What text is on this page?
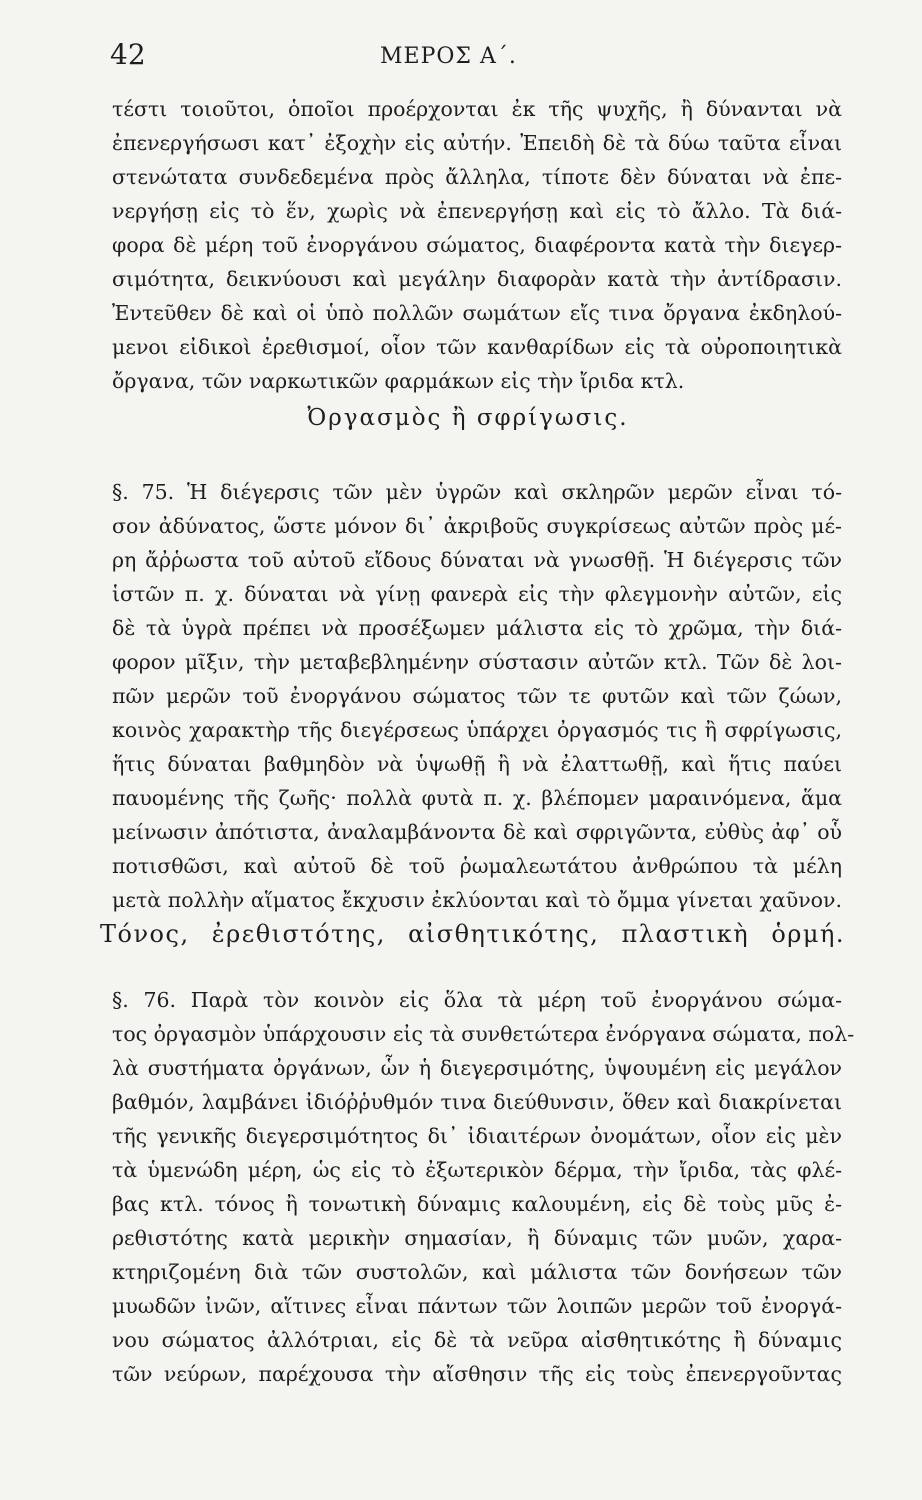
42	ΜΕΡΟΣ Α΄.
τέστι τοιοῦτοι, ὁποῖοι προέρχονται ἐκ τῆς ψυχῆς, ἢ δύνανται νὰ
ἐπενεργήσωσι κατ᾽ ἐξοχὴν εἰς αὐτήν. Ἐπειδὴ δὲ τὰ δύω ταῦτα εἶναι
στενώτατα συνδεδεμένα πρὸς ἄλληλα, τίποτε δὲν δύναται νὰ ἐπε-
νεργήσῃ εἰς τὸ ἕν, χωρὶς νὰ ἐπενεργήσῃ καὶ εἰς τὸ ἄλλο. Τὰ διά-
φορα δὲ μέρη τοῦ ἐνοργάνου σώματος, διαφέροντα κατὰ τὴν διεγερ-
σιμότητα, δεικνύουσι καὶ μεγάλην διαφορὰν κατὰ τὴν ἀντίδρασιν.
Ἐντεῦθεν δὲ καὶ οἱ ὑπὸ πολλῶν σωμάτων εἴς τινα ὄργανα ἐκδηλού-
μενοι εἰδικοὶ ἐρεθισμοί, οἷον τῶν κανθαρίδων εἰς τὰ οὐροποιητικὰ
ὄργανα, τῶν ναρκωτικῶν φαρμάκων εἰς τὴν ἴριδα κτλ.
Ὀργασμὸς ἢ σφρίγωσις.
§. 75. Ἡ διέγερσις τῶν μὲν ὑγρῶν καὶ σκληρῶν μερῶν εἶναι τό-
σον ἀδύνατος, ὥστε μόνον δι᾽ ἀκριβοῦς συγκρίσεως αὐτῶν πρὸς μέ-
ρη ἄῤῥωστα τοῦ αὐτοῦ εἴδους δύναται νὰ γνωσθῇ. Ἡ διέγερσις τῶν
ἱστῶν π. χ. δύναται νὰ γίνῃ φανερὰ εἰς τὴν φλεγμονὴν αὐτῶν, εἰς
δὲ τὰ ὑγρὰ πρέπει νὰ προσέξωμεν μάλιστα εἰς τὸ χρῶμα, τὴν διά-
φορον μῖξιν, τὴν μεταβεβλημένην σύστασιν αὐτῶν κτλ. Τῶν δὲ λοι-
πῶν μερῶν τοῦ ἐνοργάνου σώματος τῶν τε φυτῶν καὶ τῶν ζώων,
κοινὸς χαρακτὴρ τῆς διεγέρσεως ὑπάρχει ὀργασμός τις ἢ σφρίγωσις,
ἥτις δύναται βαθμηδὸν νὰ ὑψωθῇ ἢ νὰ ἐλαττωθῇ, καὶ ἥτις παύει
παυομένης τῆς ζωῆς· πολλὰ φυτὰ π. χ. βλέπομεν μαραινόμενα, ἅμα
μείνωσιν ἀπότιστα, ἀναλαμβάνοντα δὲ καὶ σφριγῶντα, εὐθὺς ἀφ᾽ οὗ
ποτισθῶσι, καὶ αὐτοῦ δὲ τοῦ ῥωμαλεωτάτου ἀνθρώπου τὰ μέλη
μετὰ πολλὴν αἵματος ἔκχυσιν ἐκλύονται καὶ τὸ ὄμμα γίνεται χαῦνον.
Τόνος, ἐρεθιστότης, αἰσθητικότης, πλαστικὴ ὁρμή.
§. 76. Παρὰ τὸν κοινὸν εἰς ὅλα τὰ μέρη τοῦ ἐνοργάνου σώμα-
τος ὀργασμὸν ὑπάρχουσιν εἰς τὰ συνθετώτερα ἐνόργανα σώματα, πολ-
λὰ συστήματα ὀργάνων, ὧν ἡ διεγερσιμότης, ὑψουμένη εἰς μεγάλον
βαθμόν, λαμβάνει ἰδιόῤῥυθμόν τινα διεύθυνσιν, ὅθεν καὶ διακρίνεται
τῆς γενικῆς διεγερσιμότητος δι᾽ ἰδιαιτέρων ὀνομάτων, οἷον εἰς μὲν
τὰ ὑμενώδη μέρη, ὡς εἰς τὸ ἐξωτερικὸν δέρμα, τὴν ἴριδα, τὰς φλέ-
βας κτλ. τόνος ἢ τονωτικὴ δύναμις καλουμένη, εἰς δὲ τοὺς μῦς ἐ-
ρεθιστότης κατὰ μερικὴν σημασίαν, ἢ δύναμις τῶν μυῶν, χαρα-
κτηριζομένη διὰ τῶν συστολῶν, καὶ μάλιστα τῶν δονήσεων τῶν
μυωδῶν ἰνῶν, αἵτινες εἶναι πάντων τῶν λοιπῶν μερῶν τοῦ ἐνοργά-
νου σώματος ἀλλότριαι, εἰς δὲ τὰ νεῦρα αἰσθητικότης ἢ δύναμις
τῶν νεύρων, παρέχουσα τὴν αἴσθησιν τῆς εἰς τοὺς ἐπενεργοῦντας
